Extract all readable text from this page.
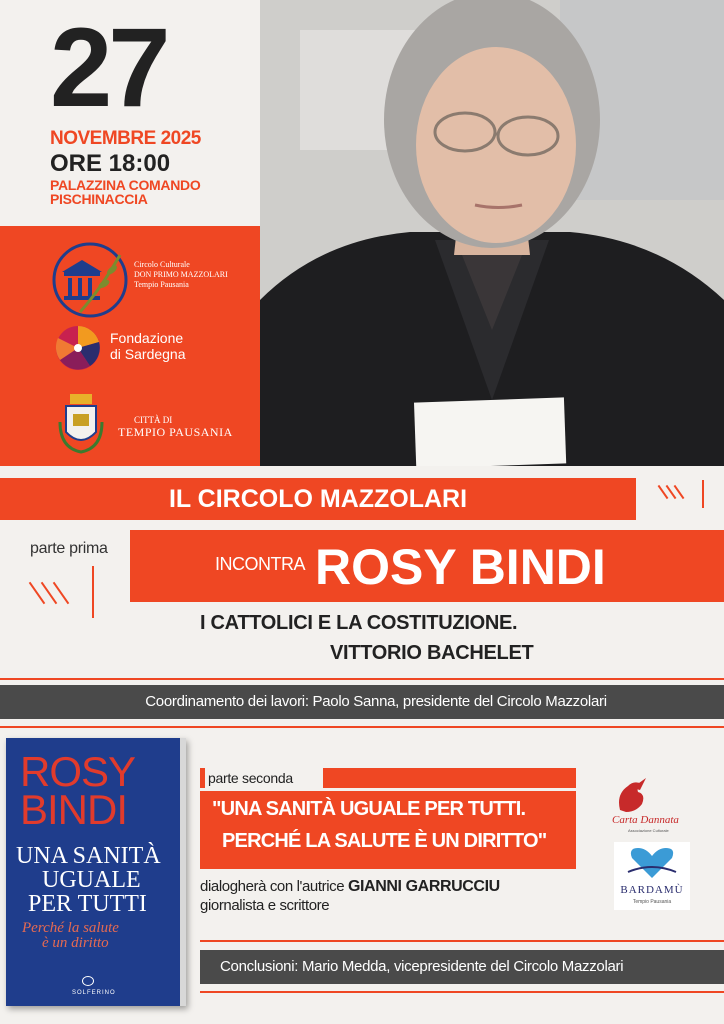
27
NOVEMBRE 2025
ORE 18:00
PALAZZINA COMANDO
PISCHINACCIA
Circolo Culturale
DON PRIMO MAZZOLARI
Tempio Pausania
Fondazione
di Sardegna
CITTÀ DI
TEMPIO PAUSANIA
IL CIRCOLO MAZZOLARI
parte prima
INCONTRA ROSY BINDI
I CATTOLICI E LA COSTITUZIONE.
VITTORIO BACHELET
Coordinamento dei lavori: Paolo Sanna, presidente del Circolo Mazzolari
ROSY
BINDI
UNA SANITÀ
UGUALE
PER TUTTI
Perché la salute
è un diritto
SOLFERINO
parte seconda
"UNA SANITÀ UGUALE PER TUTTI.
PERCHÉ LA SALUTE È UN DIRITTO"
dialogherà con l'autrice GIANNI GARRUCCIU
giornalista e scrittore
Carta Dannata
Associazione Culturale
BARDAMÙ
Tempio Pausania
Conclusioni: Mario Medda, vicepresidente del Circolo Mazzolari
